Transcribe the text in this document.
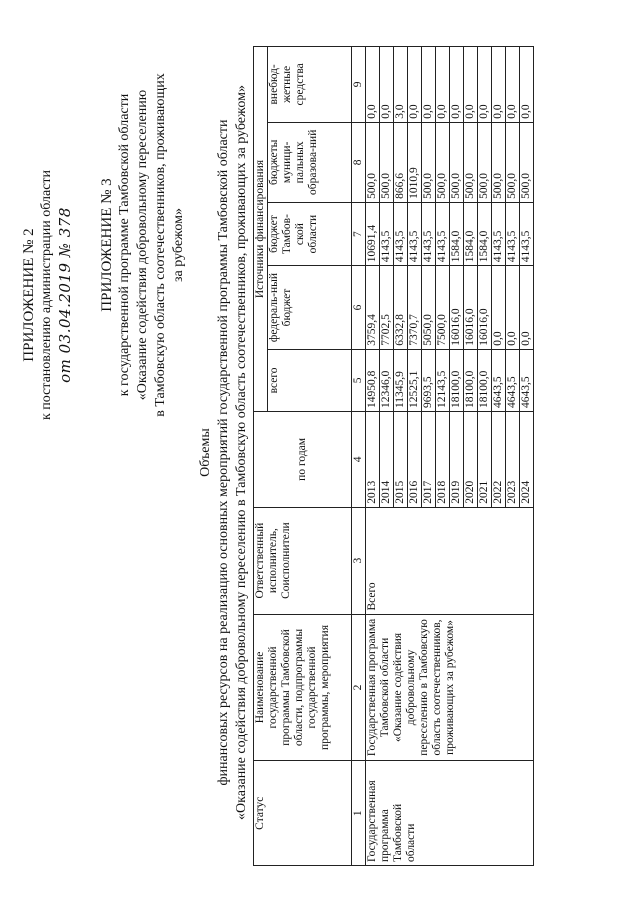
ПРИЛОЖЕНИЕ № 2 к постановлению администрации области от 03.04.2019 № 378 ПРИЛОЖЕНИЕ № 3 к государственной программе Тамбовской области «Оказание содействия добровольному переселению в Тамбовскую область соотечественников, проживающих за рубежом»
Объемы финансовых ресурсов на реализацию основных мероприятий государственной программы Тамбовской области «Оказание содействия добровольному переселению в Тамбовскую область соотечественников, проживающих за рубежом» Статус	Наименование государственной программы Тамбовской области, подпрограммы государственной программы, мероприятия	Ответственный исполнитель, Соисполнители	по годам	Источники финансирования				
				всего	федераль-ный бюджет	бюджет Тамбов-ской области	бюджеты муници-пальных образова-ний	внебюд-жетные средства
1	2	3	4	5	6	7	8	9
Государственная программа Тамбовской области	Государственная программа Тамбовской области «Оказание содействия добровольному переселению в Тамбовскую область соотечественников, проживающих за рубежом»	Всего	2013	14950,8	3759,4	10691,4	500,0	0,0
			2014	12346,0	7702,5	4143,5	500,0	0,0
			2015	11345,9	6332,8	4143,5	866,6	3,0
			2016	12525,1	7370,7	4143,5	1010,9	0,0
			2017	9693,5	5050,0	4143,5	500,0	0,0
			2018	12143,5	7500,0	4143,5	500,0	0,0
			2019	18100,0	16016,0	1584,0	500,0	0,0
			2020	18100,0	16016,0	1584,0	500,0	0,0
			2021	18100,0	16016,0	1584,0	500,0	0,0
			2022	4643,5	0,0	4143,5	500,0	0,0
			2023	4643,5	0,0	4143,5	500,0	0,0
			2024	4643,5	0,0	4143,5	500,0	0,0
